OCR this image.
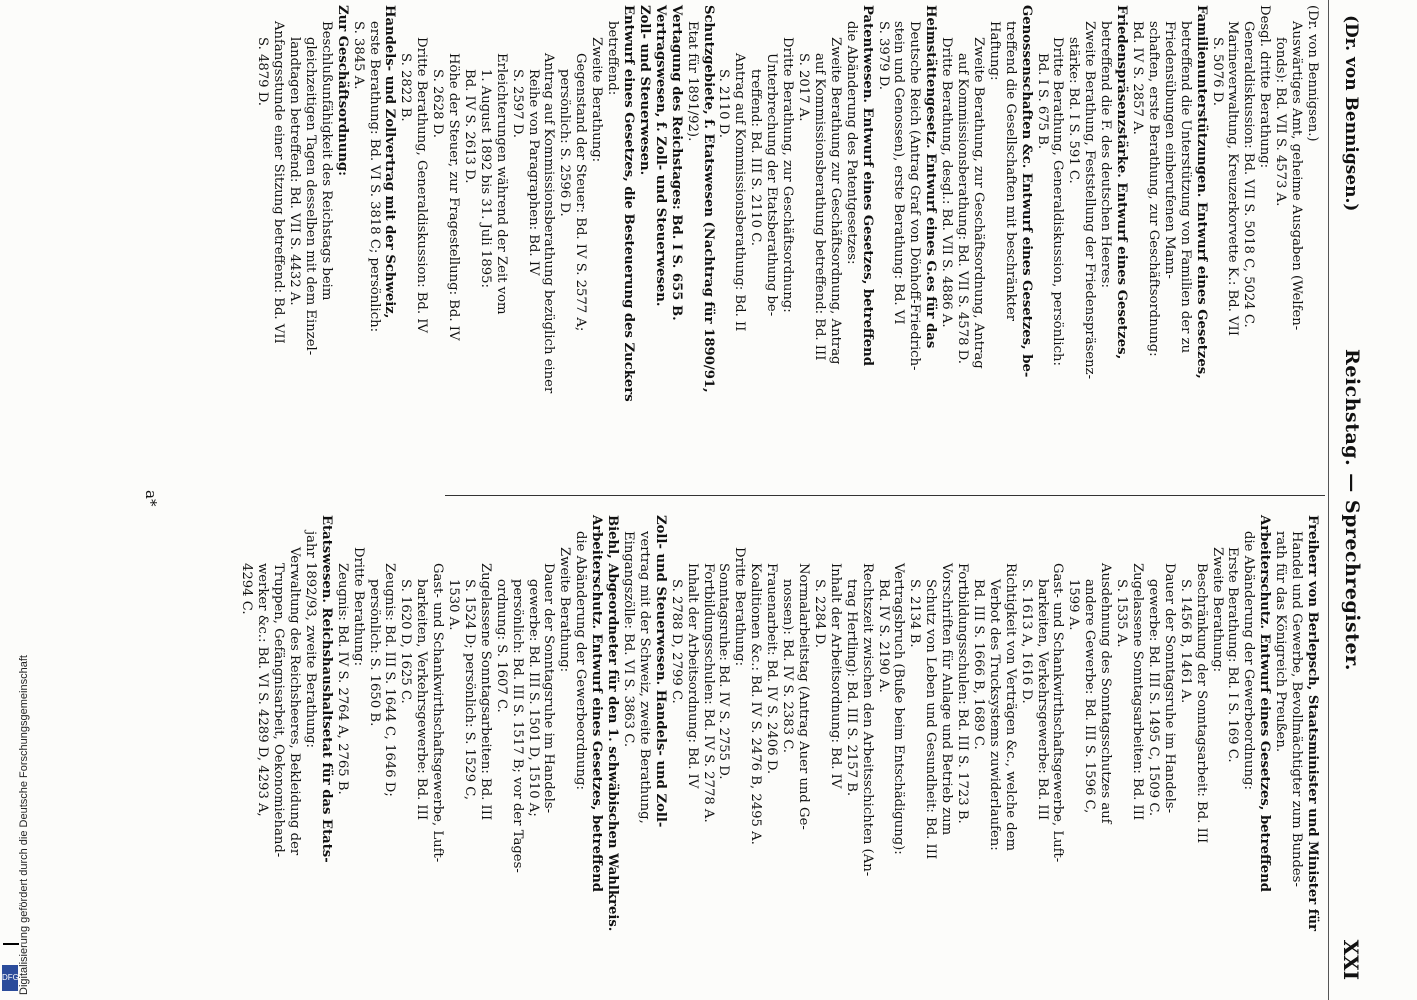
(Dr. von Bennigsen.)
Reichstag. — Sprechregister.
XXI
(Dr. von Bennigsen.)
Auswärtiges Amt, geheime Ausgaben (Welfen-
fonds): Bd. VII S. 4573 A.
Desgl. dritte Berathung:
Generaldiskussion: Bd. VII S. 5018 C, 5024 C.
Marineverwaltung, Kreuzerkorvette K.: Bd. VII
S. 5076 D.
Familienunterstützungen. Entwurf eines Gesetzes,
betreffend die Unterstützung von Familien der zu
Friedensübungen einberufenen Mann-
schaften, erste Berathung, zur Geschäftsordnung:
Bd. IV S. 2857 A.
Friedenspräsenzstärke. Entwurf eines Gesetzes,
betreffend die F. des deutschen Heeres:
Zweite Berathung, Feststellung der Friedenspräsenz-
stärke: Bd. I S. 591 C.
Dritte Berathung, Generaldiskussion, persönlich:
Bd. I S. 675 B.
Genossenschaften &c. Entwurf eines Gesetzes, be-
treffend die Gesellschaften mit beschränkter
Haftung:
Zweite Berathung, zur Geschäftsordnung, Antrag
auf Kommissionsberathung: Bd. VII S. 4578 D.
Dritte Berathung, desgl.: Bd. VII S. 4886 A.
Heimstättengesetz. Entwurf eines G.es für das
Deutsche Reich (Antrag Graf von Dönhoff-Friedrich-
stein und Genossen), erste Berathung: Bd. VI
S. 3979 D.
Patentwesen. Entwurf eines Gesetzes, betreffend
die Abänderung des Patentgesetzes:
Zweite Berathung zur Geschäftsordnung, Antrag
auf Kommissionsberathung betreffend: Bd. III
S. 2017 A.
Dritte Berathung, zur Geschäftsordnung:
Unterbrechung der Etatsberathung be-
treffend: Bd. III S. 2110 C.
Antrag auf Kommissionsberathung: Bd. II
S. 2110 D.
Schutzgebiete, f. Etatswesen (Nachtrag für 1890/91,
Etat für 1891/92).
Vertagung des Reichstages: Bd. I S. 655 B.
Vertragswesen, f. Zoll- und Steuerwesen.
Zoll- und Steuerwesen.
Entwurf eines Gesetzes, die Besteuerung des Zuckers
betreffend:
Zweite Berathung:
Gegenstand der Steuer: Bd. IV S. 2577 A;
persönlich: S. 2596 D.
Antrag auf Kommissionsberathung bezüglich einer
Reihe von Paragraphen: Bd. IV
S. 2597 D.
Erleichterungen während der Zeit vom
1. August 1892 bis 31. Juli 1895:
Bd. IV S. 2613 D.
Höhe der Steuer, zur Fragestellung: Bd. IV
S. 2628 D.
Dritte Berathung, Generaldiskussion: Bd. IV
S. 2822 B.
Handels- und Zollvertrag mit der Schweiz,
erste Berathung: Bd. VI S. 3818 C; persönlich:
S. 3845 A.
Zur Geschäftsordnung:
Beschlußunfähigkeit des Reichstags beim
gleichzeitigen Tagen desselben mit dem Einzel-
landtagen betreffend: Bd. VII S. 4432 A.
Anfangsstunde einer Sitzung betreffend: Bd. VII
S. 4879 D.
Freiherr von Berlepsch, Staatsminister und Minister für
Handel und Gewerbe, Bevollmächtigter zum Bundes-
rath für das Königreich Preußen.
Arbeiterschutz. Entwurf eines Gesetzes, betreffend
die Abänderung der Gewerbeordnung:
Erste Berathung: Bd. I S. 169 C.
Zweite Berathung:
Beschränkung der Sonntagsarbeit: Bd. III
S. 1456 B, 1461 A.
Dauer der Sonntagsruhe im Handels-
gewerbe: Bd. III S. 1495 C, 1509 C.
Zugelassene Sonntagsarbeiten: Bd. III
S. 1535 A.
Ausdehnung des Sonntagsschutzes auf
andere Gewerbe: Bd. III S. 1596 C,
1599 A.
Gast- und Schankwirthschaftsgewerbe, Luft-
barkeiten, Verkehrsgewerbe: Bd. III
S. 1613 A, 1616 D.
Richtigkeit von Verträgen &c., welche dem
Verbot des Trucksystems zuwiderlaufen:
Bd. III S. 1666 B, 1689 C.
Fortbildungsschulen: Bd. III S. 1723 B.
Vorschriften für Anlage und Betrieb zum
Schutz von Leben und Gesundheit: Bd. III
S. 2134 B.
Vertragsbruch (Buße beim Entschädigung):
Bd. IV S. 2190 A.
Rechtszeit zwischen den Arbeitsschichten (An-
trag Hertling): Bd. III S. 2157 B.
Inhalt der Arbeitsordnung: Bd. IV
S. 2284 D.
Normalarbeitstag (Antrag Auer und Ge-
nossen): Bd. IV S. 2383 C.
Frauenarbeit: Bd. IV S. 2406 D.
Koalitionen &c.: Bd. IV S. 2476 B, 2495 A.
Dritte Berathung:
Sonntagsruhe: Bd. IV S. 2755 D.
Fortbildungsschulen: Bd. IV S. 2778 A.
Inhalt der Arbeitsordnung: Bd. IV
S. 2788 D, 2799 C.
Zoll- und Steuerwesen. Handels- und Zoll-
vertrag mit der Schweiz, zweite Berathung,
Eingangszölle: Bd. VI S. 3863 C.
Biehl, Abgeordneter für den 1. schwäbischen Wahlkreis.
Arbeiterschutz. Entwurf eines Gesetzes, betreffend
die Abänderung der Gewerbeordnung:
Zweite Berathung:
Dauer der Sonntagsruhe im Handels-
gewerbe: Bd. III S. 1501 D, 1510 A;
persönlich: Bd. III S. 1517 B; vor der Tages-
ordnung: S. 1607 C.
Zugelassene Sonntagsarbeiten: Bd. III
S. 1524 D; persönlich: S. 1529 C,
1530 A.
Gast- und Schankwirthschaftsgewerbe, Luft-
barkeiten, Verkehrsgewerbe: Bd. III
S. 1620 D, 1625 C.
Zeugnis: Bd. III S. 1644 C, 1646 D;
persönlich: S. 1650 B.
Dritte Berathung:
Zeugnis: Bd. IV S. 2764 A, 2765 B.
Etatswesen. Reichshaushaltsetat für das Etats-
jahr 1892/93, zweite Berathung:
Verwaltung des Reichsheeres, Bekleidung der
Truppen, Gefängnisarbeit, Oekonomiehand-
werker &c.: Bd. VI S. 4289 D, 4293 A,
4294 C.
a*
DFG Digitalisierung gefördert durch die Deutsche Forschungsgemeinschaft
